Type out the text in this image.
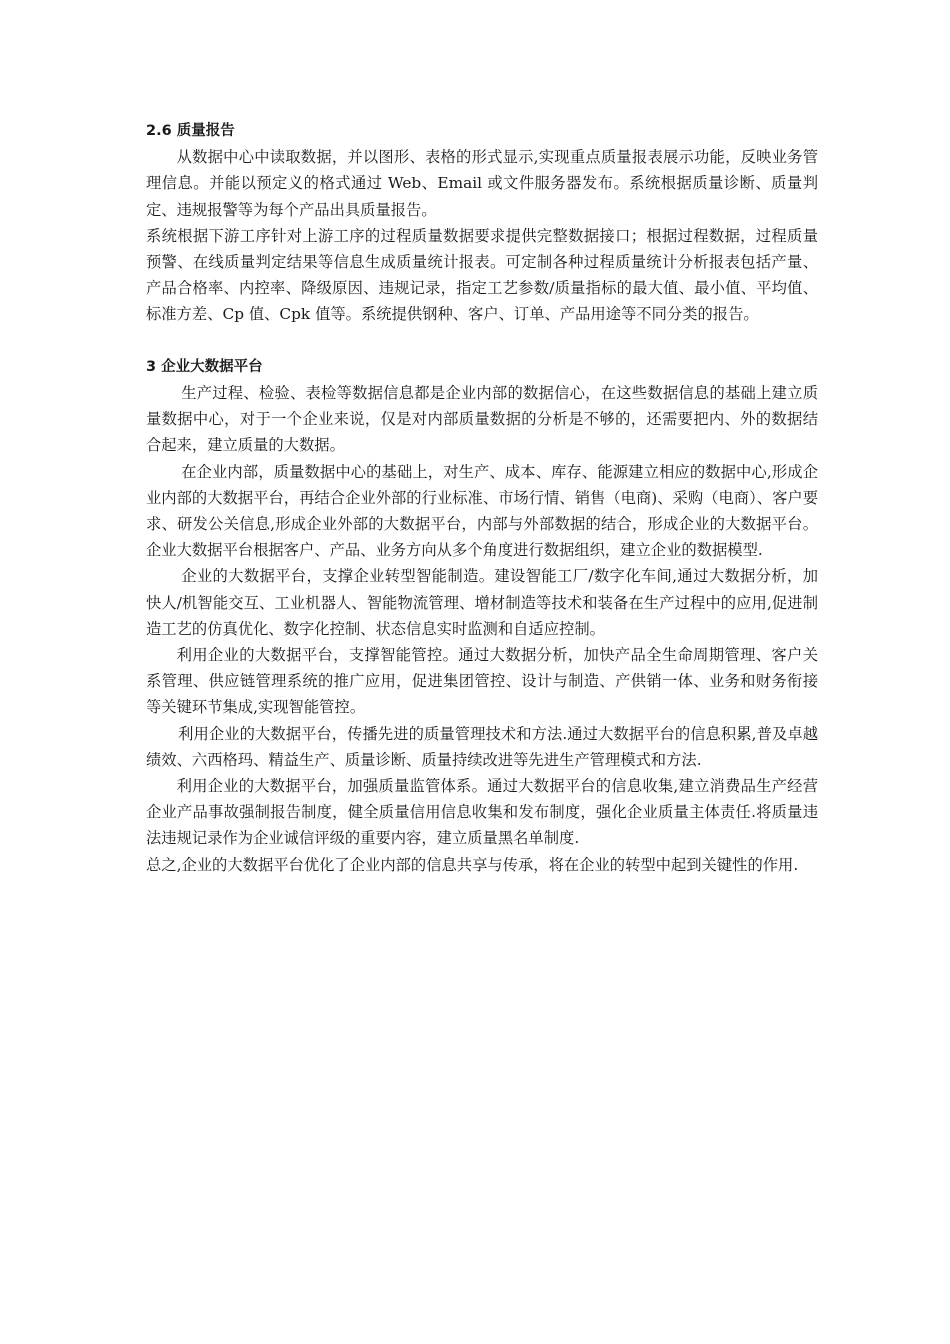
2.6 质量报告

从数据中心中读取数据，并以图形、表格的形式显示,实现重点质量报表展示功能，反映业务管理信息。并能以预定义的格式通过 Web、Email 或文件服务器发布。系统根据质量诊断、质量判定、违规报警等为每个产品出具质量报告。

系统根据下游工序针对上游工序的过程质量数据要求提供完整数据接口；根据过程数据，过程质量预警、在线质量判定结果等信息生成质量统计报表。可定制各种过程质量统计分析报表包括产量、产品合格率、内控率、降级原因、违规记录，指定工艺参数/质量指标的最大值、最小值、平均值、标准方差、Cp 值、Cpk 值等。系统提供钢种、客户、订单、产品用途等不同分类的报告。

3 企业大数据平台

生产过程、检验、表检等数据信息都是企业内部的数据信心，在这些数据信息的基础上建立质量数据中心，对于一个企业来说，仅是对内部质量数据的分析是不够的，还需要把内、外的数据结合起来，建立质量的大数据。

在企业内部，质量数据中心的基础上，对生产、成本、库存、能源建立相应的数据中心,形成企业内部的大数据平台，再结合企业外部的行业标准、市场行情、销售（电商)、采购（电商）、客户要求、研发公关信息,形成企业外部的大数据平台，内部与外部数据的结合，形成企业的大数据平台。企业大数据平台根据客户、产品、业务方向从多个角度进行数据组织，建立企业的数据模型.

企业的大数据平台，支撑企业转型智能制造。建设智能工厂/数字化车间,通过大数据分析，加快人/机智能交互、工业机器人、智能物流管理、增材制造等技术和装备在生产过程中的应用,促进制造工艺的仿真优化、数字化控制、状态信息实时监测和自适应控制。

利用企业的大数据平台，支撑智能管控。通过大数据分析，加快产品全生命周期管理、客户关系管理、供应链管理系统的推广应用，促进集团管控、设计与制造、产供销一体、业务和财务衔接等关键环节集成,实现智能管控。

利用企业的大数据平台，传播先进的质量管理技术和方法.通过大数据平台的信息积累,普及卓越绩效、六西格玛、精益生产、质量诊断、质量持续改进等先进生产管理模式和方法.

利用企业的大数据平台，加强质量监管体系。通过大数据平台的信息收集,建立消费品生产经营企业产品事故强制报告制度，健全质量信用信息收集和发布制度，强化企业质量主体责任.将质量违法违规记录作为企业诚信评级的重要内容，建立质量黑名单制度.

总之,企业的大数据平台优化了企业内部的信息共享与传承，将在企业的转型中起到关键性的作用.
